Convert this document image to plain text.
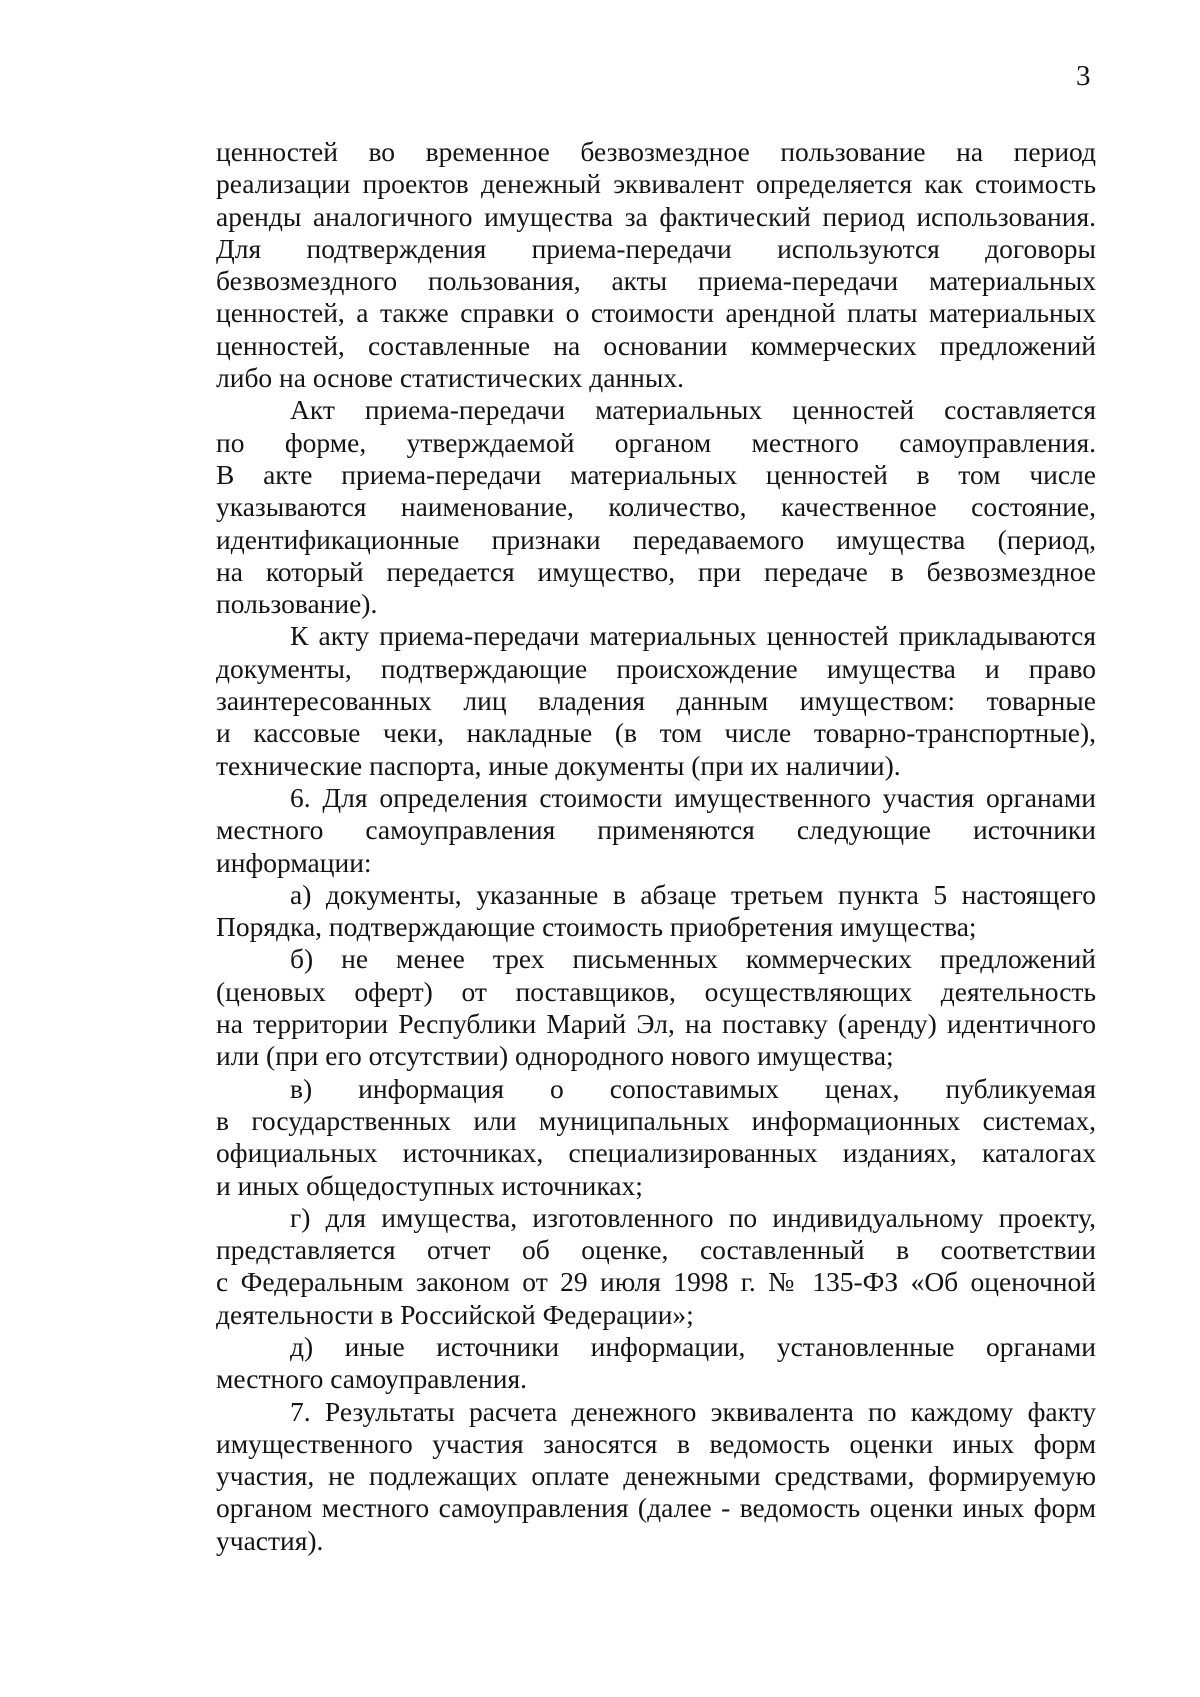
3

ценностей во временное безвозмездное пользование на период
реализации проектов денежный эквивалент определяется как стоимость
аренды аналогичного имущества за фактический период использования.
Для подтверждения приема-передачи используются договоры
безвозмездного пользования, акты приема-передачи материальных
ценностей, а также справки о стоимости арендной платы материальных
ценностей, составленные на основании коммерческих предложений
либо на основе статистических данных.

Акт приема-передачи материальных ценностей составляется
по форме, утверждаемой органом местного самоуправления.
В акте приема-передачи материальных ценностей в том числе
указываются наименование, количество, качественное состояние,
идентификационные признаки передаваемого имущества (период,
на который передается имущество, при передаче в безвозмездное
пользование).

К акту приема-передачи материальных ценностей прикладываются
документы, подтверждающие происхождение имущества и право
заинтересованных лиц владения данным имуществом: товарные
и кассовые чеки, накладные (в том числе товарно-транспортные),
технические паспорта, иные документы (при их наличии).

6. Для определения стоимости имущественного участия органами
местного самоуправления применяются следующие источники
информации:

а) документы, указанные в абзаце третьем пункта 5 настоящего
Порядка, подтверждающие стоимость приобретения имущества;

б) не менее трех письменных коммерческих предложений
(ценовых оферт) от поставщиков, осуществляющих деятельность
на территории Республики Марий Эл, на поставку (аренду) идентичного
или (при его отсутствии) однородного нового имущества;

в) информация о сопоставимых ценах, публикуемая
в государственных или муниципальных информационных системах,
официальных источниках, специализированных изданиях, каталогах
и иных общедоступных источниках;

г) для имущества, изготовленного по индивидуальному проекту,
представляется отчет об оценке, составленный в соответствии
с Федеральным законом от 29 июля 1998 г. № 135-ФЗ «Об оценочной
деятельности в Российской Федерации»;

д) иные источники информации, установленные органами
местного самоуправления.

7. Результаты расчета денежного эквивалента по каждому факту
имущественного участия заносятся в ведомость оценки иных форм
участия, не подлежащих оплате денежными средствами, формируемую
органом местного самоуправления (далее - ведомость оценки иных форм
участия).
